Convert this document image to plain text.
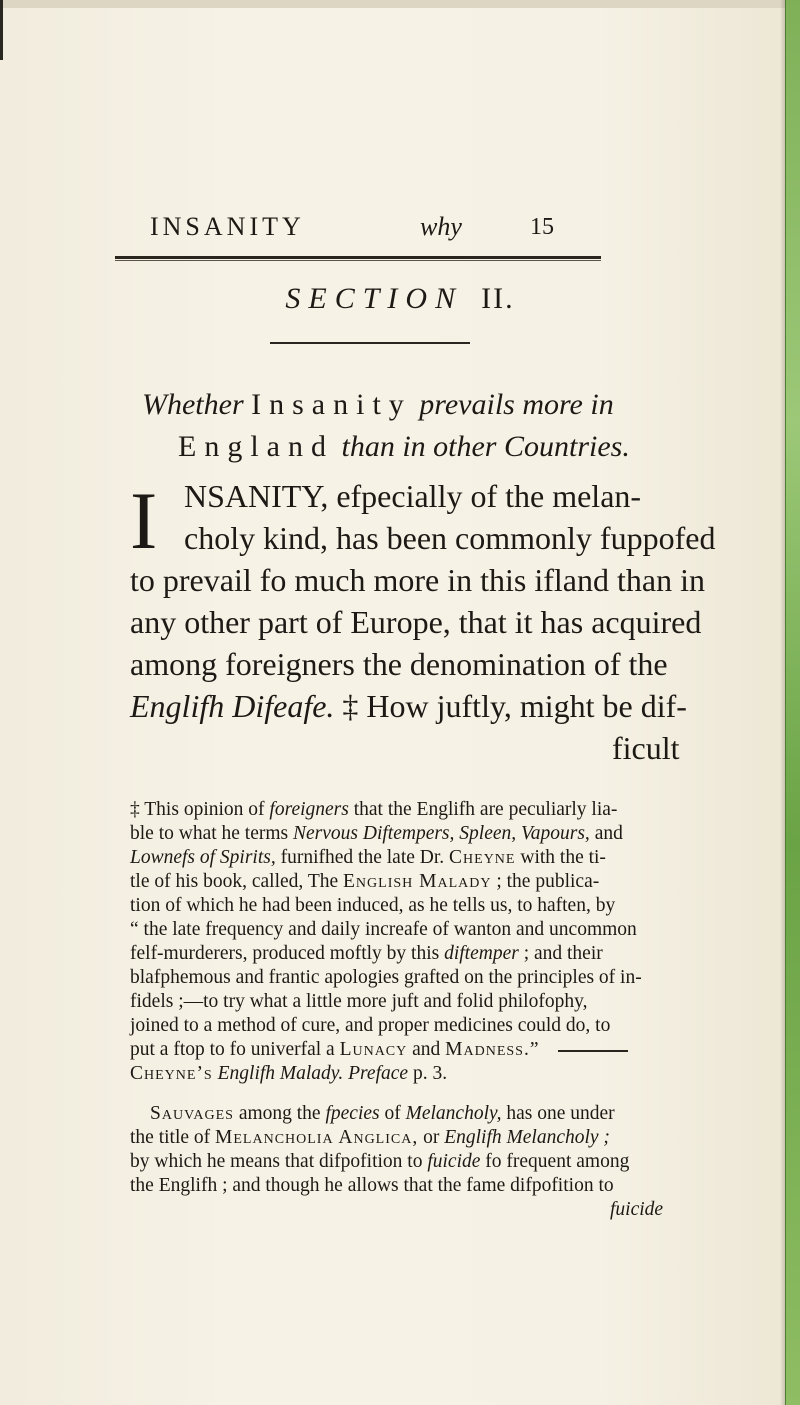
INSANITY	why	15
SECTION II.
Whether Insanity prevails more in
England than in other Countries.
I NSANITY, efpecially of the melan-
choly kind, has been commonly fuppofed
to prevail fo much more in this ifland than in
any other part of Europe, that it has acquired
among foreigners the denomination of the
Englifh Difeafe. ‡ How juftly, might be dif-
ficult
‡ This opinion of foreigners that the Englifh are peculiarly lia-
ble to what he terms Nervous Diftempers, Spleen, Vapours, and
Lownefs of Spirits, furnifhed the late Dr. Cheyne with the ti-
tle of his book, called, The English Malady ; the publica-
tion of which he had been induced, as he tells us, to haften, by
“ the late frequency and daily increafe of wanton and uncommon
felf-murderers, produced moftly by this diftemper ; and their
blafphemous and frantic apologies grafted on the principles of in-
fidels ;—to try what a little more juft and folid philofophy,
joined to a method of cure, and proper medicines could do, to
put a ftop to fo univerfal a Lunacy and Madness.”
Cheyne’s Englifh Malady. Preface p. 3.
Sauvages among the fpecies of Melancholy, has one under
the title of Melancholia Anglica, or Englifh Melancholy ;
by which he means that difpofition to fuicide fo frequent among
the Englifh ; and though he allows that the fame difpofition to
fuicide
